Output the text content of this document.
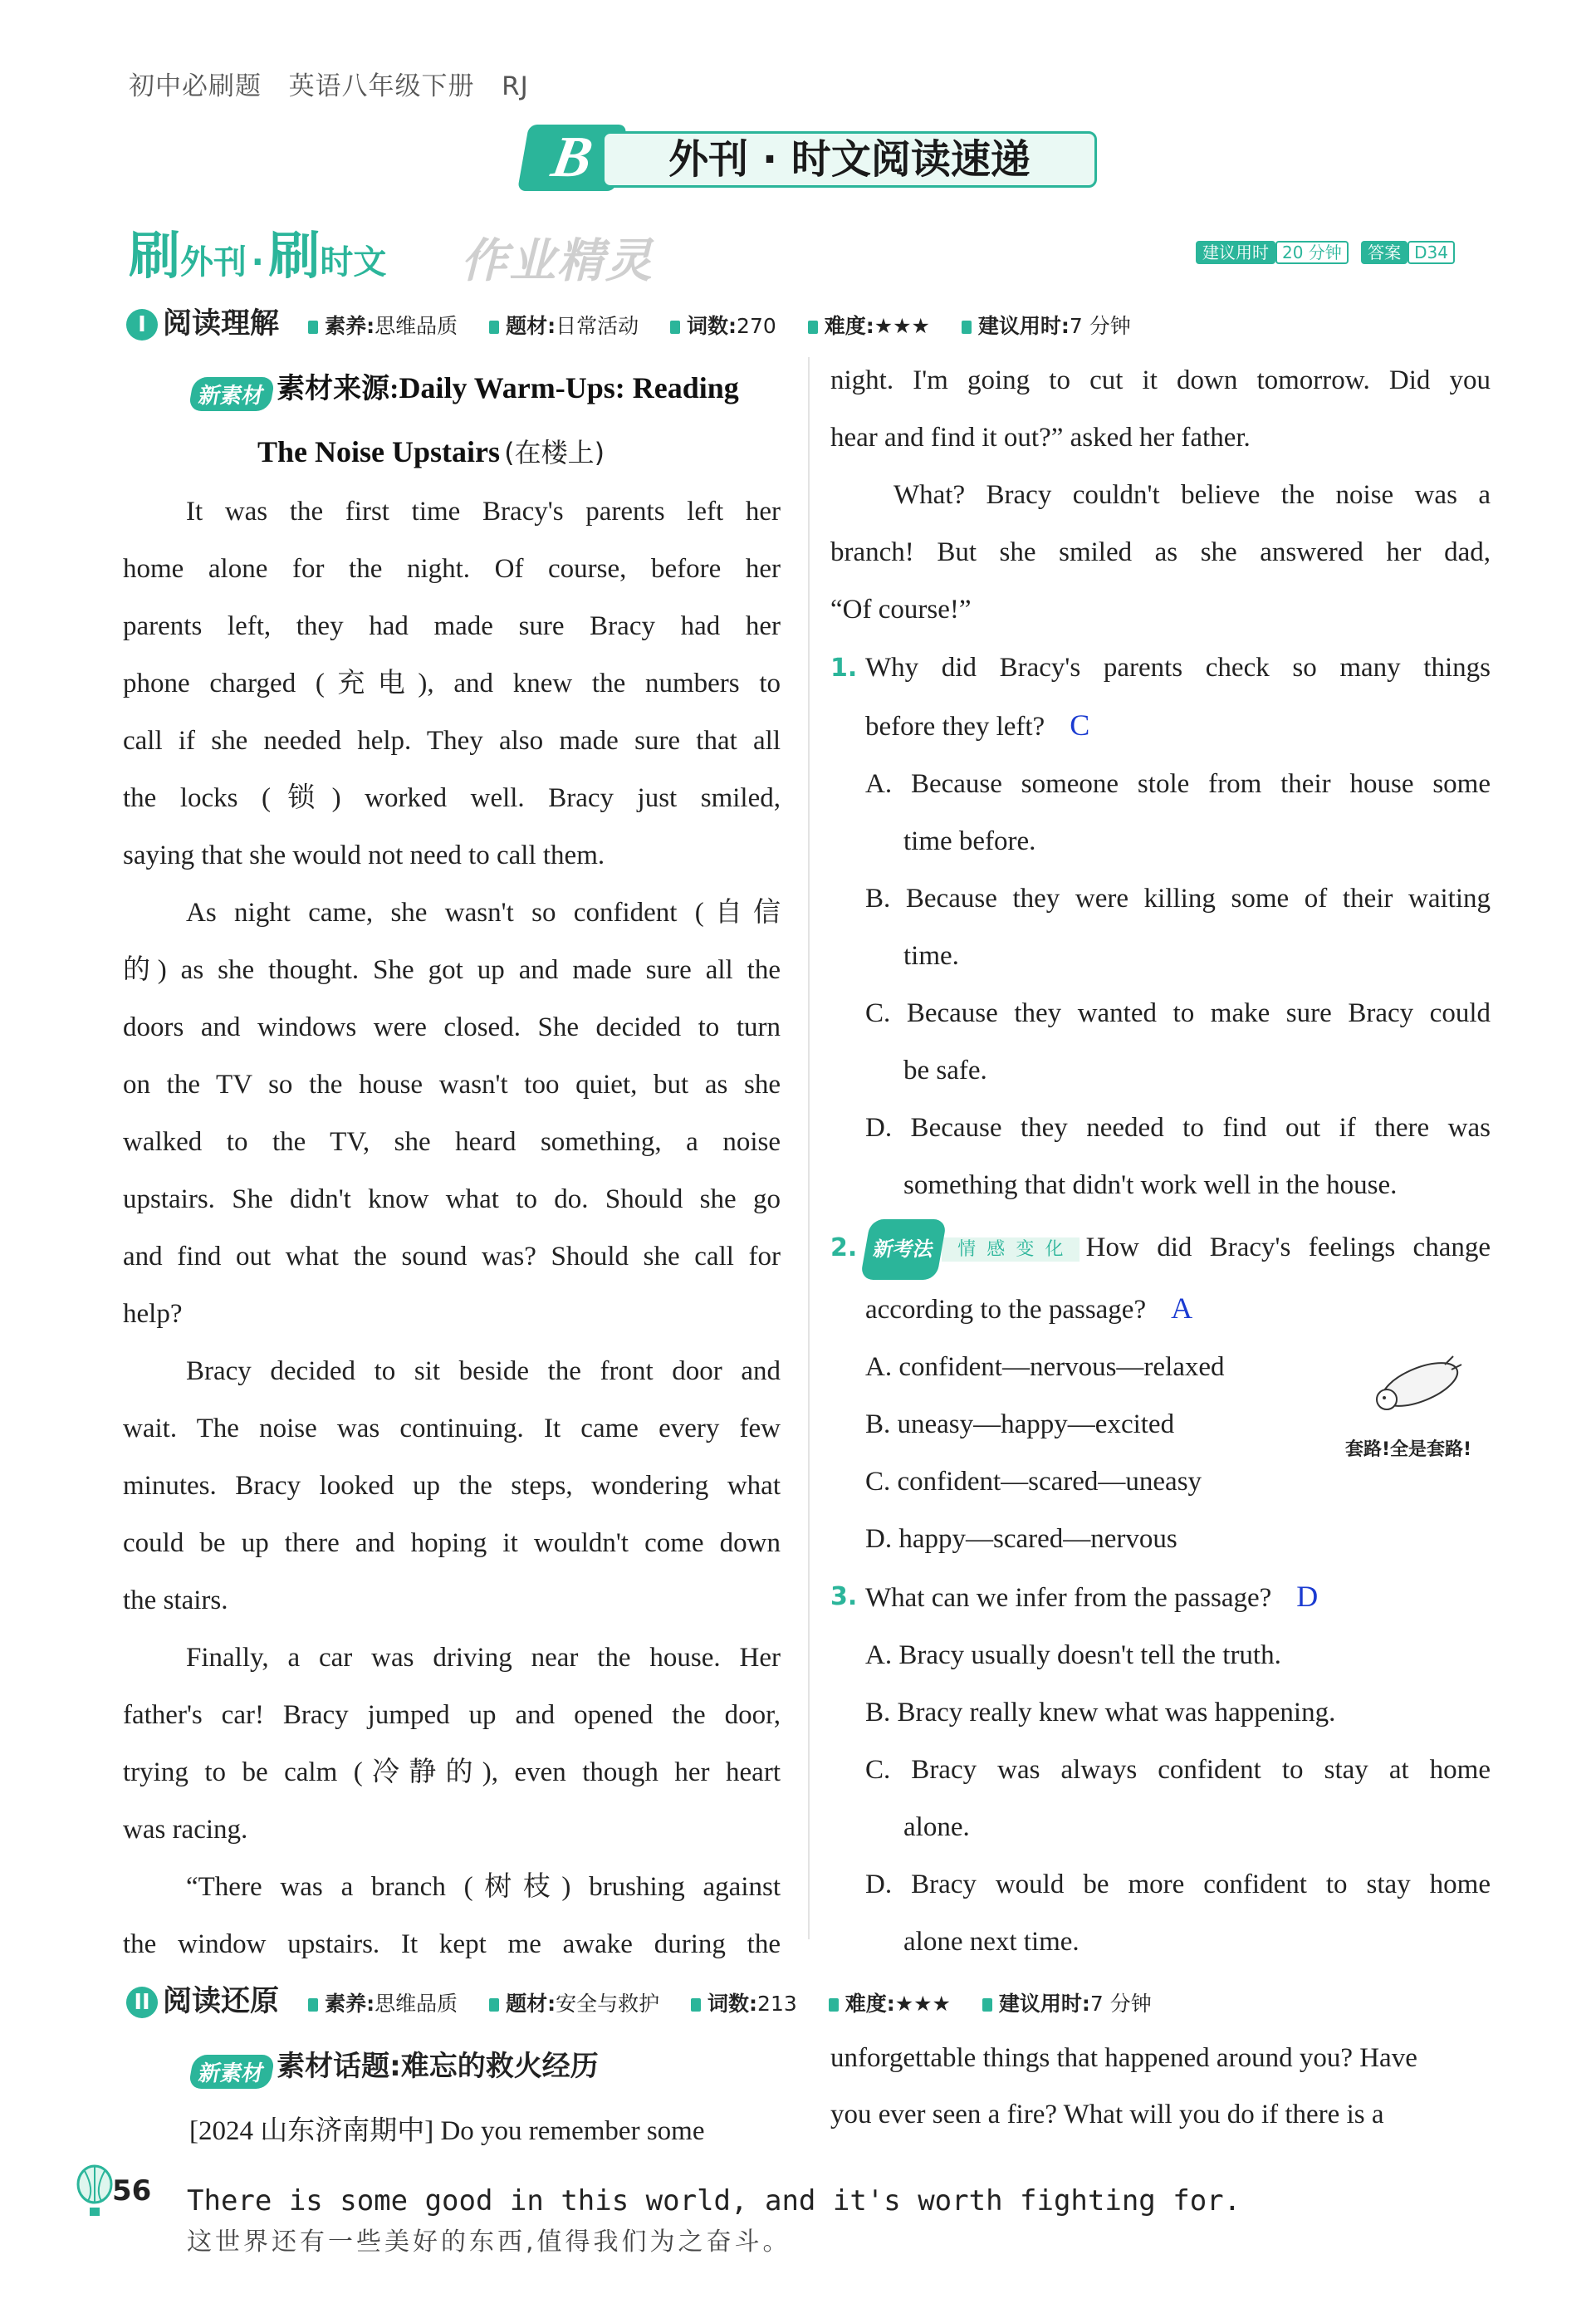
初中必刷题 英语八年级下册 RJ
B	外刊 · 时文阅读速递
刷外刊 · 刷时文 作业精灵	建议用时 20 分钟 答案 D34
I 阅读理解 素养:思维品质 题材:日常活动 词数:270 难度:★★★ 建议用时:7 分钟
新素材 素材来源:Daily Warm-Ups: Reading
The Noise Upstairs (在楼上)
It was the first time Bracy's parents left her
home alone for the night. Of course, before her
parents left, they had made sure Bracy had her
phone charged (充电), and knew the numbers to
call if she needed help. They also made sure that all
the locks (锁) worked well. Bracy just smiled,
saying that she would not need to call them.
As night came, she wasn't so confident (自信
的) as she thought. She got up and made sure all the
doors and windows were closed. She decided to turn
on the TV so the house wasn't too quiet, but as she
walked to the TV, she heard something, a noise
upstairs. She didn't know what to do. Should she go
and find out what the sound was? Should she call for
help?
Bracy decided to sit beside the front door and
wait. The noise was continuing. It came every few
minutes. Bracy looked up the steps, wondering what
could be up there and hoping it wouldn't come down
the stairs.
Finally, a car was driving near the house. Her
father's car! Bracy jumped up and opened the door,
trying to be calm (冷静的), even though her heart
was racing.
“There was a branch (树枝) brushing against
the window upstairs. It kept me awake during the
night. I'm going to cut it down tomorrow. Did you
hear and find it out?” asked her father.
What? Bracy couldn't believe the noise was a
branch! But she smiled as she answered her dad,
“Of course!”
1. Why did Bracy's parents check so many things
before they left? C
A. Because someone stole from their house some
time before.
B. Because they were killing some of their waiting
time.
C. Because they wanted to make sure Bracy could
be safe.
D. Because they needed to find out if there was
something that didn't work well in the house.
2. 新考法 情感变化 How did Bracy's feelings change
according to the passage? A
A. confident—nervous—relaxed
B. uneasy—happy—excited
C. confident—scared—uneasy
D. happy—scared—nervous
3. What can we infer from the passage? D
A. Bracy usually doesn't tell the truth.
B. Bracy really knew what was happening.
C. Bracy was always confident to stay at home
alone.
D. Bracy would be more confident to stay home
alone next time.
套路!全是套路!
II 阅读还原 素养:思维品质 题材:安全与救护 词数:213 难度:★★★ 建议用时:7 分钟
新素材 素材话题:难忘的救火经历
[2024 山东济南期中] Do you remember some
unforgettable things that happened around you? Have
you ever seen a fire? What will you do if there is a
56 There is some good in this world, and it's worth fighting for.
这世界还有一些美好的东西,值得我们为之奋斗。
